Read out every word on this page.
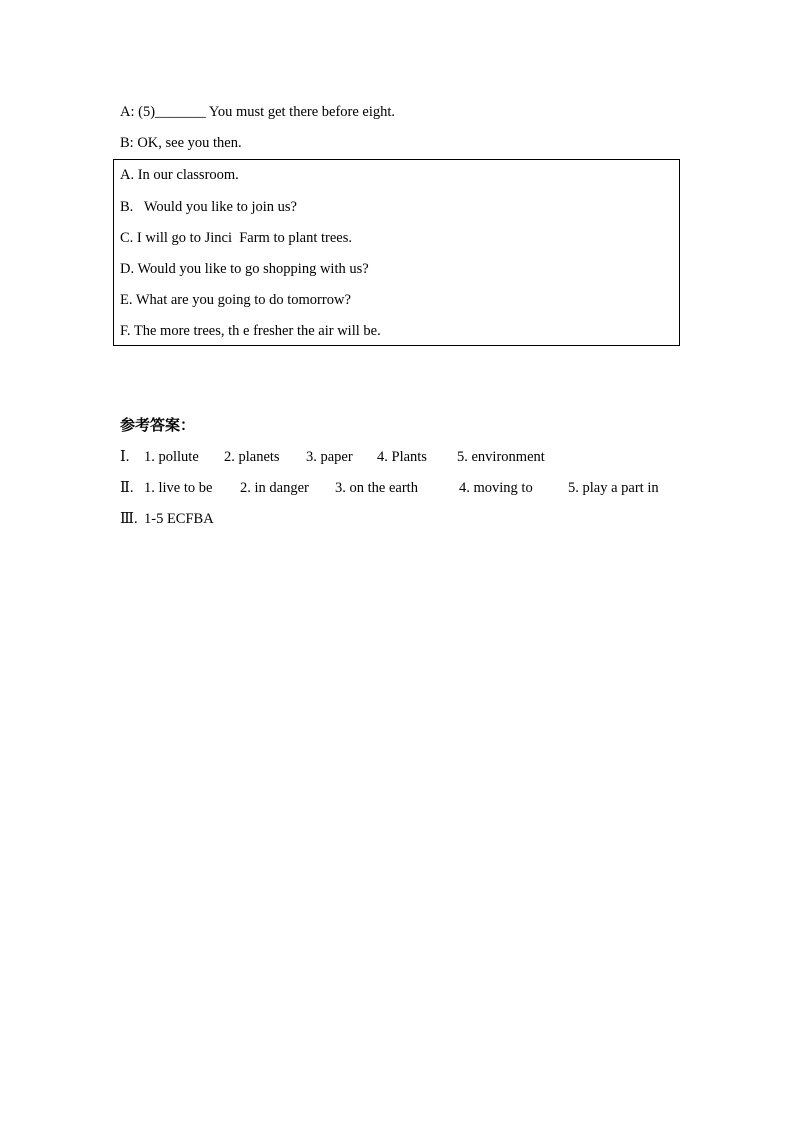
A: (5)_______ You must get there before eight.
B: OK, see you then.
A. In our classroom.
B.   Would you like to join us?
C. I will go to Jinci  Farm to plant trees.
D. Would you like to go shopping with us?
E. What are you going to do tomorrow?
F. The more trees, th e fresher the air will be.
参考答案：
Ⅰ. 1. pollute 2. planets 3. paper 4. Plants 5. environment
Ⅱ. 1. live to be 2. in danger 3. on the earth	4. moving to 5. play a part in
Ⅲ. 1-5 ECFBA
